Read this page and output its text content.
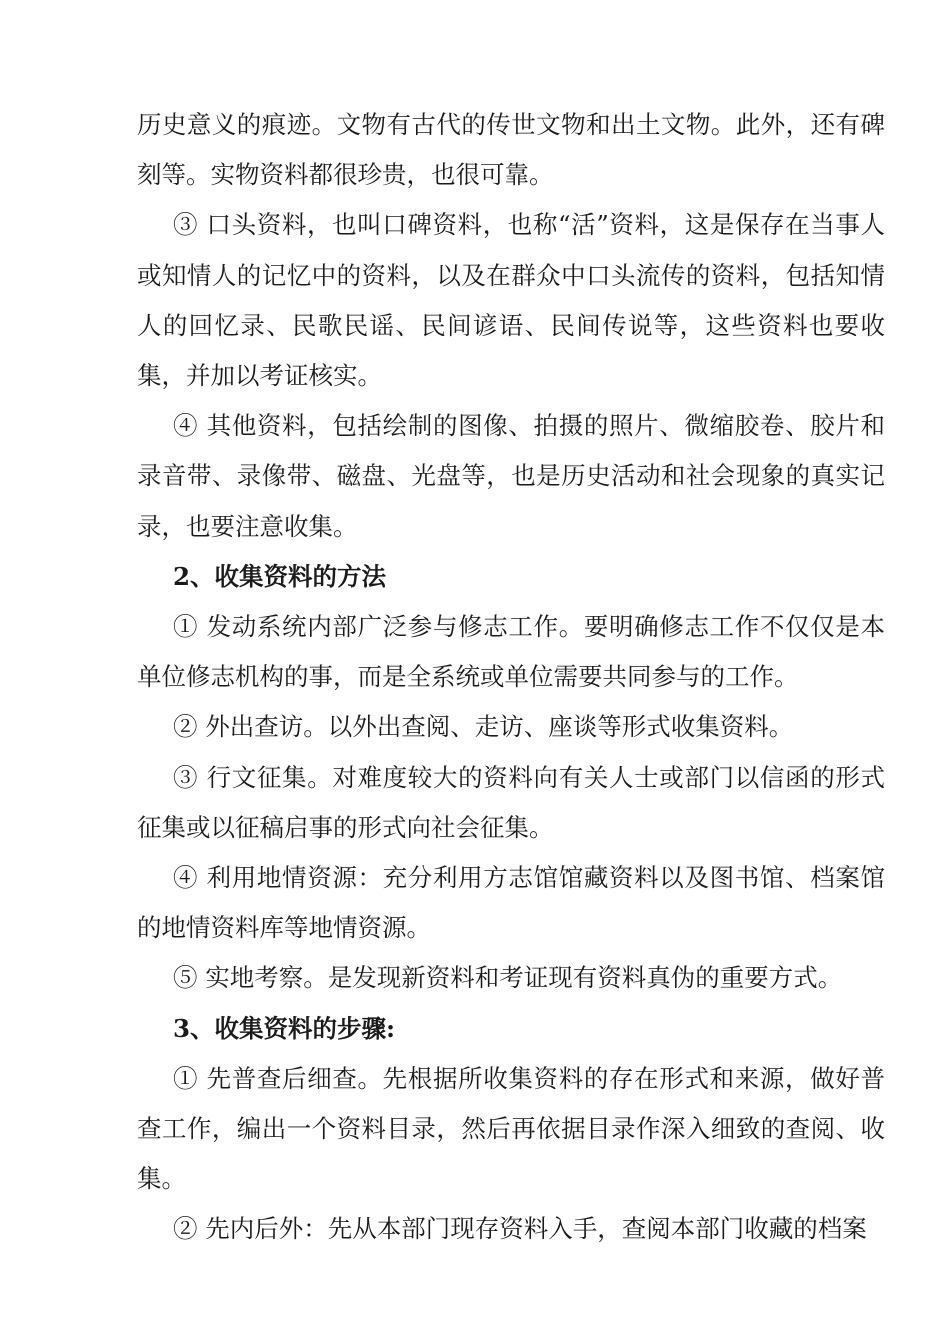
历史意义的痕迹。文物有古代的传世文物和出土文物。此外，还有碑刻等。实物资料都很珍贵，也很可靠。

③ 口头资料，也叫口碑资料，也称“活”资料，这是保存在当事人或知情人的记忆中的资料，以及在群众中口头流传的资料，包括知情人的回忆录、民歌民谣、民间谚语、民间传说等，这些资料也要收集，并加以考证核实。

④ 其他资料，包括绘制的图像、拍摄的照片、微缩胶卷、胶片和录音带、录像带、磁盘、光盘等，也是历史活动和社会现象的真实记录，也要注意收集。

2、收集资料的方法

① 发动系统内部广泛参与修志工作。要明确修志工作不仅仅是本单位修志机构的事，而是全系统或单位需要共同参与的工作。

② 外出查访。以外出查阅、走访、座谈等形式收集资料。

③ 行文征集。对难度较大的资料向有关人士或部门以信函的形式征集或以征稿启事的形式向社会征集。

④ 利用地情资源：充分利用方志馆馆藏资料以及图书馆、档案馆的地情资料库等地情资源。

⑤ 实地考察。是发现新资料和考证现有资料真伪的重要方式。

3、收集资料的步骤:

① 先普查后细查。先根据所收集资料的存在形式和来源，做好普查工作，编出一个资料目录，然后再依据目录作深入细致的查阅、收集。

② 先内后外：先从本部门现存资料入手，查阅本部门收藏的档案
